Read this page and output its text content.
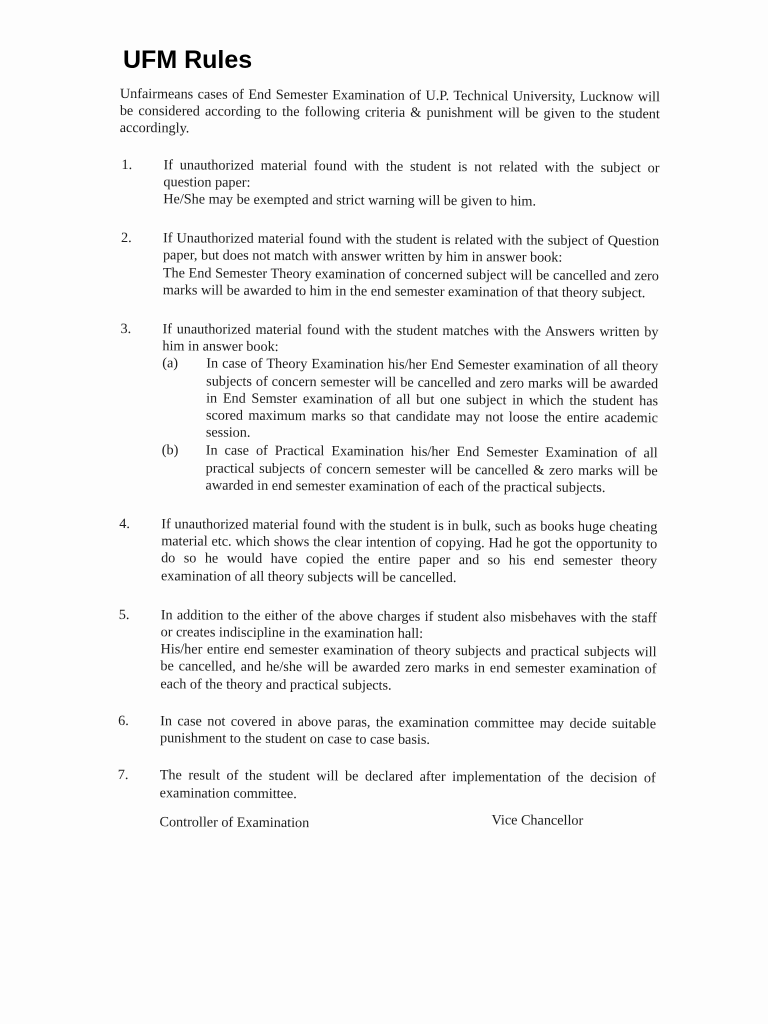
UFM Rules

Unfairmeans cases of End Semester Examination of U.P. Technical University, Lucknow will be considered according to the following criteria & punishment will be given to the student accordingly.

1. If unauthorized material found with the student is not related with the subject or question paper:

He/She may be exempted and strict warning will be given to him.

2. If Unauthorized material found with the student is related with the subject of Question paper, but does not match with answer written by him in answer book:

The End Semester Theory examination of concerned subject will be cancelled and zero marks will be awarded to him in the end semester examination of that theory subject.

3. If unauthorized material found with the student matches with the Answers written by him in answer book:

(a) In case of Theory Examination his/her End Semester examination of all theory subjects of concern semester will be cancelled and zero marks will be awarded in End Semster examination of all but one subject in which the student has scored maximum marks so that candidate may not loose the entire academic session.
(b) In case of Practical Examination his/her End Semester Examination of all practical subjects of concern semester will be cancelled & zero marks will be awarded in end semester examination of each of the practical subjects.
4. If unauthorized material found with the student is in bulk, such as books huge cheating material etc. which shows the clear intention of copying. Had he got the opportunity to do so he would have copied the entire paper and so his end semester theory examination of all theory subjects will be cancelled.

5. In addition to the either of the above charges if student also misbehaves with the staff or creates indiscipline in the examination hall:

His/her entire end semester examination of theory subjects and practical subjects will be cancelled, and he/she will be awarded zero marks in end semester examination of each of the theory and practical subjects.

6. In case not covered in above paras, the examination committee may decide suitable punishment to the student on case to case basis.

7. The result of the student will be declared after implementation of the decision of examination committee.

Controller of Examination	Vice Chancellor
